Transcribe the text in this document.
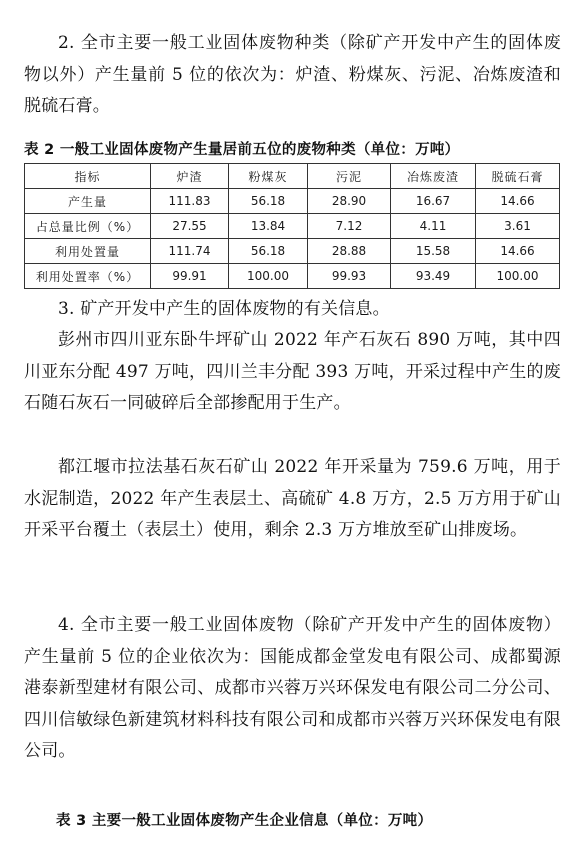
2. 全市主要一般工业固体废物种类（除矿产开发中产生的固体废物以外）产生量前 5 位的依次为：炉渣、粉煤灰、污泥、冶炼废渣和脱硫石膏。

表 2 一般工业固体废物产生量居前五位的废物种类（单位：万吨）
指标	炉渣	粉煤灰	污泥	冶炼废渣	脱硫石膏
产生量	111.83	56.18	28.90	16.67	14.66
占总量比例（%）	27.55	13.84	7.12	4.11	3.61
利用处置量	111.74	56.18	28.88	15.58	14.66
利用处置率（%）	99.91	100.00	99.93	93.49	100.00

3. 矿产开发中产生的固体废物的有关信息。

彭州市四川亚东卧牛坪矿山 2022 年产石灰石 890 万吨，其中四川亚东分配 497 万吨，四川兰丰分配 393 万吨，开采过程中产生的废石随石灰石一同破碎后全部掺配用于生产。

都江堰市拉法基石灰石矿山 2022 年开采量为 759.6 万吨，用于水泥制造，2022 年产生表层土、高硫矿 4.8 万方，2.5 万方用于矿山开采平台覆土（表层土）使用，剩余 2.3 万方堆放至矿山排废场。

4. 全市主要一般工业固体废物（除矿产开发中产生的固体废物）产生量前 5 位的企业依次为：国能成都金堂发电有限公司、成都蜀源港泰新型建材有限公司、成都市兴蓉万兴环保发电有限公司二分公司、四川信敏绿色新建筑材料科技有限公司和成都市兴蓉万兴环保发电有限公司。

表 3 主要一般工业固体废物产生企业信息（单位：万吨）
